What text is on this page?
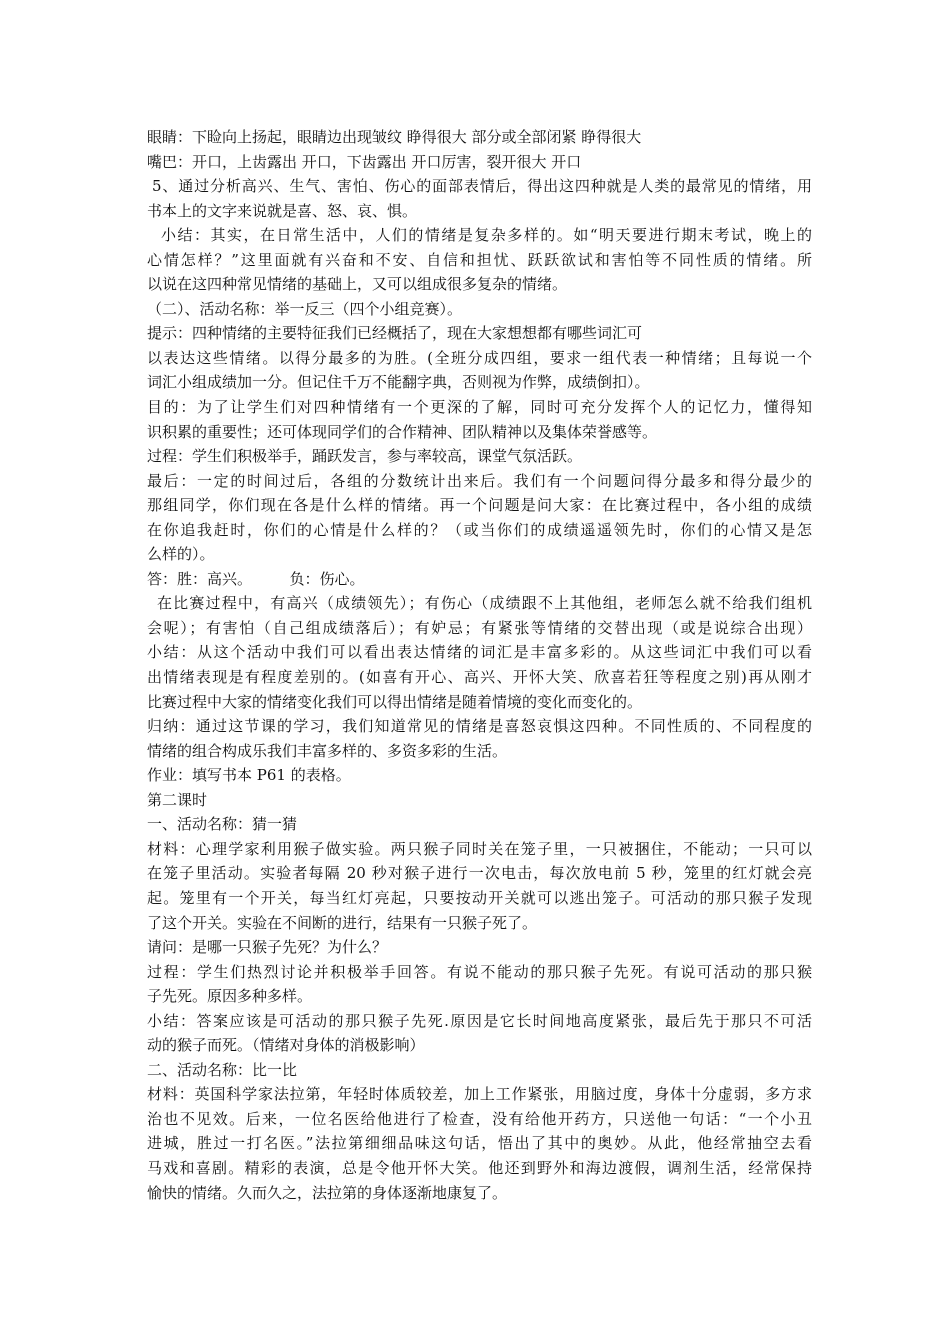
眼睛：下睑向上扬起，眼睛边出现皱纹 睁得很大 部分或全部闭紧 睁得很大
嘴巴：开口，上齿露出 开口，下齿露出 开口厉害，裂开很大 开口
5、通过分析高兴、生气、害怕、伤心的面部表情后，得出这四种就是人类的最常见的情绪，用
书本上的文字来说就是喜、怒、哀、惧。
小结：其实，在日常生活中，人们的情绪是复杂多样的。如“明天要进行期末考试，晚上的
心情怎样？”这里面就有兴奋和不安、自信和担忧、跃跃欲试和害怕等不同性质的情绪。所
以说在这四种常见情绪的基础上，又可以组成很多复杂的情绪。
（二）、活动名称：举一反三（四个小组竞赛）。
提示：四种情绪的主要特征我们已经概括了，现在大家想想都有哪些词汇可
以表达这些情绪。以得分最多的为胜。(全班分成四组，要求一组代表一种情绪；且每说一个
词汇小组成绩加一分。但记住千万不能翻字典，否则视为作弊，成绩倒扣）。
目的：为了让学生们对四种情绪有一个更深的了解，同时可充分发挥个人的记忆力，懂得知
识积累的重要性；还可体现同学们的合作精神、团队精神以及集体荣誉感等。
过程：学生们积极举手，踊跃发言，参与率较高，课堂气氛活跃。
最后：一定的时间过后，各组的分数统计出来后。我们有一个问题问得分最多和得分最少的
那组同学，你们现在各是什么样的情绪。再一个问题是问大家：在比赛过程中，各小组的成绩
在你追我赶时，你们的心情是什么样的？（或当你们的成绩遥遥领先时，你们的心情又是怎
么样的）。
答：胜：高兴。　　　负：伤心。
在比赛过程中，有高兴（成绩领先）；有伤心（成绩跟不上其他组，老师怎么就不给我们组机
会呢）；有害怕（自己组成绩落后）；有妒忌；有紧张等情绪的交替出现（或是说综合出现）
小结：从这个活动中我们可以看出表达情绪的词汇是丰富多彩的。从这些词汇中我们可以看
出情绪表现是有程度差别的。(如喜有开心、高兴、开怀大笑、欣喜若狂等程度之别)再从刚才
比赛过程中大家的情绪变化我们可以得出情绪是随着情境的变化而变化的。
归纳：通过这节课的学习，我们知道常见的情绪是喜怒哀惧这四种。不同性质的、不同程度的
情绪的组合构成乐我们丰富多样的、多资多彩的生活。
作业：填写书本 P61 的表格。
第二课时
一、活动名称：猜一猜
材料：心理学家利用猴子做实验。两只猴子同时关在笼子里，一只被捆住，不能动；一只可以
在笼子里活动。实验者每隔 20 秒对猴子进行一次电击，每次放电前 5 秒，笼里的红灯就会亮
起。笼里有一个开关，每当红灯亮起，只要按动开关就可以逃出笼子。可活动的那只猴子发现
了这个开关。实验在不间断的进行，结果有一只猴子死了。
请问：是哪一只猴子先死？为什么？
过程：学生们热烈讨论并积极举手回答。有说不能动的那只猴子先死。有说可活动的那只猴
子先死。原因多种多样。
小结：答案应该是可活动的那只猴子先死.原因是它长时间地高度紧张，最后先于那只不可活
动的猴子而死。（情绪对身体的消极影响）
二、活动名称：比一比
材料：英国科学家法拉第，年轻时体质较差，加上工作紧张，用脑过度，身体十分虚弱，多方求
治也不见效。后来，一位名医给他进行了检查，没有给他开药方，只送他一句话：“一个小丑
进城，胜过一打名医。”法拉第细细品味这句话，悟出了其中的奥妙。从此，他经常抽空去看
马戏和喜剧。精彩的表演，总是令他开怀大笑。他还到野外和海边渡假，调剂生活，经常保持
愉快的情绪。久而久之，法拉第的身体逐渐地康复了。
